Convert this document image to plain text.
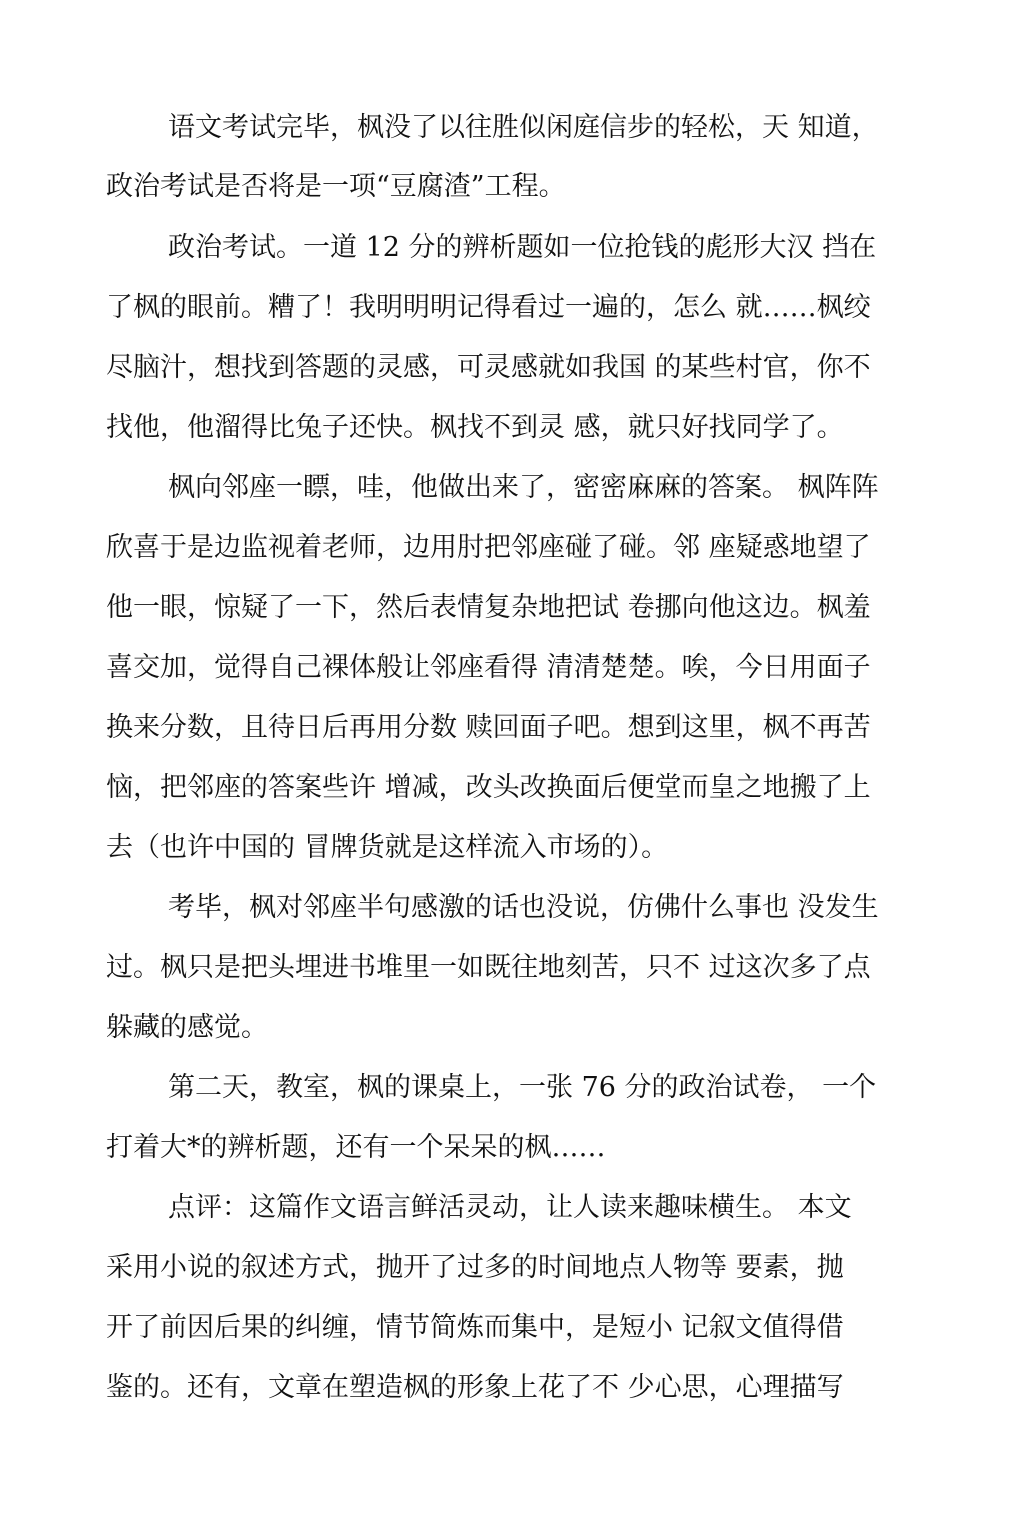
语文考试完毕，枫没了以往胜似闲庭信步的轻松，天 知道，
政治考试是否将是一项“豆腐渣”工程。
政治考试。一道 12 分的辨析题如一位抢钱的彪形大汉 挡在
了枫的眼前。糟了！我明明明记得看过一遍的，怎么 就……枫绞
尽脑汁，想找到答题的灵感，可灵感就如我国 的某些村官，你不
找他，他溜得比兔子还快。枫找不到灵 感，就只好找同学了。
枫向邻座一瞟，哇，他做出来了，密密麻麻的答案。 枫阵阵
欣喜于是边监视着老师，边用肘把邻座碰了碰。邻 座疑惑地望了
他一眼，惊疑了一下，然后表情复杂地把试 卷挪向他这边。枫羞
喜交加，觉得自己裸体般让邻座看得 清清楚楚。唉，今日用面子
换来分数，且待日后再用分数 赎回面子吧。想到这里，枫不再苦
恼，把邻座的答案些许 增减，改头改换面后便堂而皇之地搬了上
去（也许中国的 冒牌货就是这样流入市场的）。
考毕，枫对邻座半句感激的话也没说，仿佛什么事也 没发生
过。枫只是把头埋进书堆里一如既往地刻苦，只不 过这次多了点
躲藏的感觉。
第二天，教室，枫的课桌上，一张 76 分的政治试卷， 一个
打着大*的辨析题，还有一个呆呆的枫……
点评：这篇作文语言鲜活灵动，让人读来趣味横生。 本文
采用小说的叙述方式，抛开了过多的时间地点人物等 要素，抛
开了前因后果的纠缠，情节简炼而集中，是短小 记叙文值得借
鉴的。还有，文章在塑造枫的形象上花了不 少心思，心理描写
